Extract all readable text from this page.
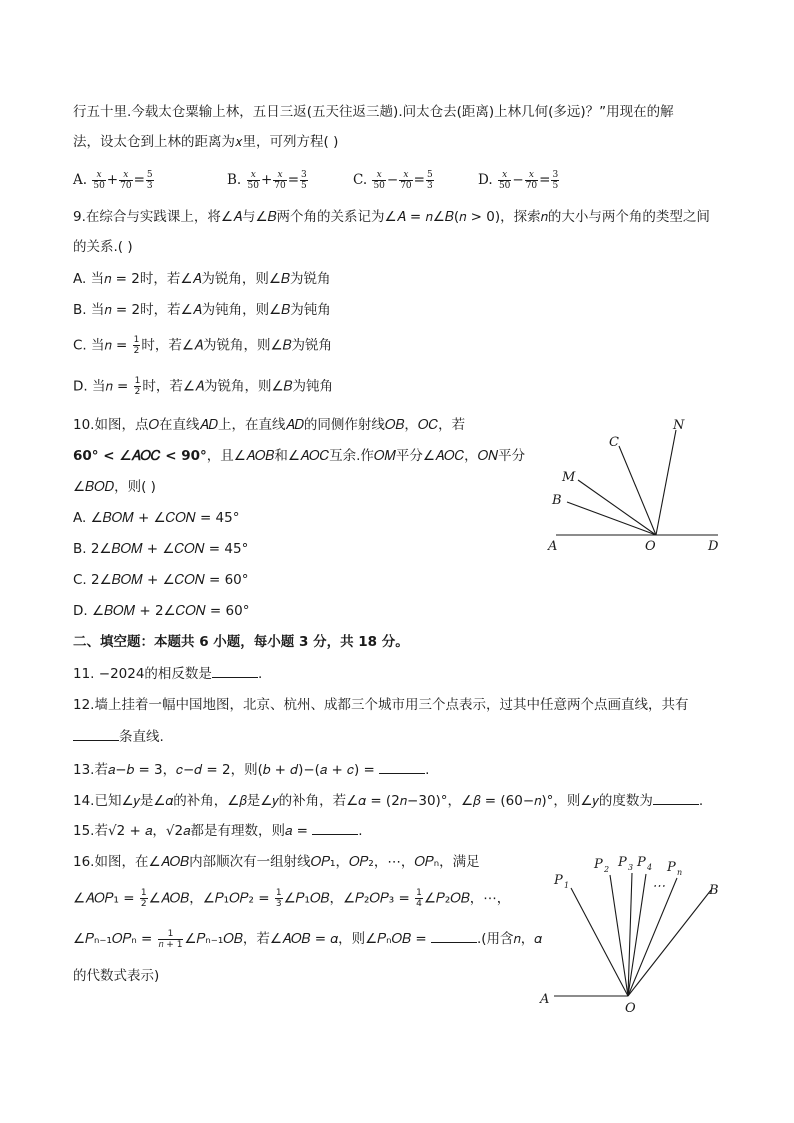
行五十里.今载太仓粟输上林，五日三返(五天往返三趟).问太仓去(距离)上林几何(多远)？”用现在的解
法，设太仓到上林的距离为𝑥里，可列方程( )
A. $\frac{\text{𝑥}}{50} + \frac{\text{𝑥}}{70} = \frac{5}{3}$	B. $\frac{\text{𝑥}}{50} + \frac{\text{𝑥}}{70} = \frac{3}{5}$	C. $\frac{\text{𝑥}}{50} - \frac{\text{𝑥}}{70} = \frac{5}{3}$	D. $\frac{\text{𝑥}}{50} - \frac{\text{𝑥}}{70} = \frac{3}{5}$
9.在综合与实践课上，将∠𝐴与∠𝐵两个角的关系记为∠𝐴 = 𝑛∠𝐵(𝑛 > 0)，探索𝑛的大小与两个角的类型之间
的关系.( )
A. 当𝑛 = 2时，若∠𝐴为锐角，则∠𝐵为锐角
B. 当𝑛 = 2时，若∠𝐴为钝角，则∠𝐵为钝角
C. 当𝑛 = $\frac{1}{2}$ 时，若∠𝐴为锐角，则∠𝐵为锐角
D. 当𝑛 = $\frac{1}{2}$ 时，若∠𝐴为锐角，则∠𝐵为钝角
10.如图，点𝑂在直线𝐴𝐷上，在直线𝐴𝐷的同侧作射线𝑂𝐵，𝑂𝐶，若
60° < ∠𝐴𝑂𝐶 < 90°，且∠𝐴𝑂𝐵和∠𝐴𝑂𝐶互余.作𝑂𝑀平分∠𝐴𝑂𝐶，𝑂𝑁平分
∠𝐵𝑂𝐷，则( )
A. ∠𝐵𝑂𝑀 + ∠𝐶𝑂𝑁 = 45°
B. 2∠𝐵𝑂𝑀 + ∠𝐶𝑂𝑁 = 45°
C. 2∠𝐵𝑂𝑀 + ∠𝐶𝑂𝑁 = 60°
D. ∠𝐵𝑂𝑀 + 2∠𝐶𝑂𝑁 = 60°
A	O	D
B
M
C
N
二、填空题：本题共 6 小题，每小题 3 分，共 18 分。
11. −2024的相反数是	.
12.墙上挂着一幅中国地图，北京、杭州、成都三个城市用三个点表示，过其中任意两个点画直线，共有
条直线.
13.若𝑎−𝑏 = 3，𝑐−𝑑 = 2，则(𝑏 + 𝑑)−(𝑎 + 𝑐) =	.
14.已知∠𝑦是∠𝛼的补角，∠𝛽是∠𝑦的补角，若∠𝛼 = (2𝑛−30)°，∠𝛽 = (60−𝑛)°，则∠𝑦的度数为	.
15.若√2 + 𝑎，√2𝑎都是有理数，则𝑎 =	.
16.如图，在∠𝐴𝑂𝐵内部顺次有一组射线𝑂𝑃₁，𝑂𝑃₂，⋯，𝑂𝑃ₙ，满足
∠𝐴𝑂𝑃₁ = $\frac{1}{2}$ ∠𝐴𝑂𝐵，∠𝑃₁𝑂𝑃₂ = $\frac{1}{3}$ ∠𝑃₁𝑂𝐵，∠𝑃₂𝑂𝑃₃ = $\frac{1}{4}$ ∠𝑃₂𝑂𝐵，⋯，
∠𝑃ₙ₋₁𝑂𝑃ₙ = $\frac{1}{\text{𝑛 + 1}}$ ∠𝑃ₙ₋₁𝑂𝐵，若∠𝐴𝑂𝐵 = 𝛼，则∠𝑃ₙ𝑂𝐵 =	.(用含𝑛，𝛼
的代数式表示)
A
O
B
P 1
P 2 P 3 P 4 P n
⋯
